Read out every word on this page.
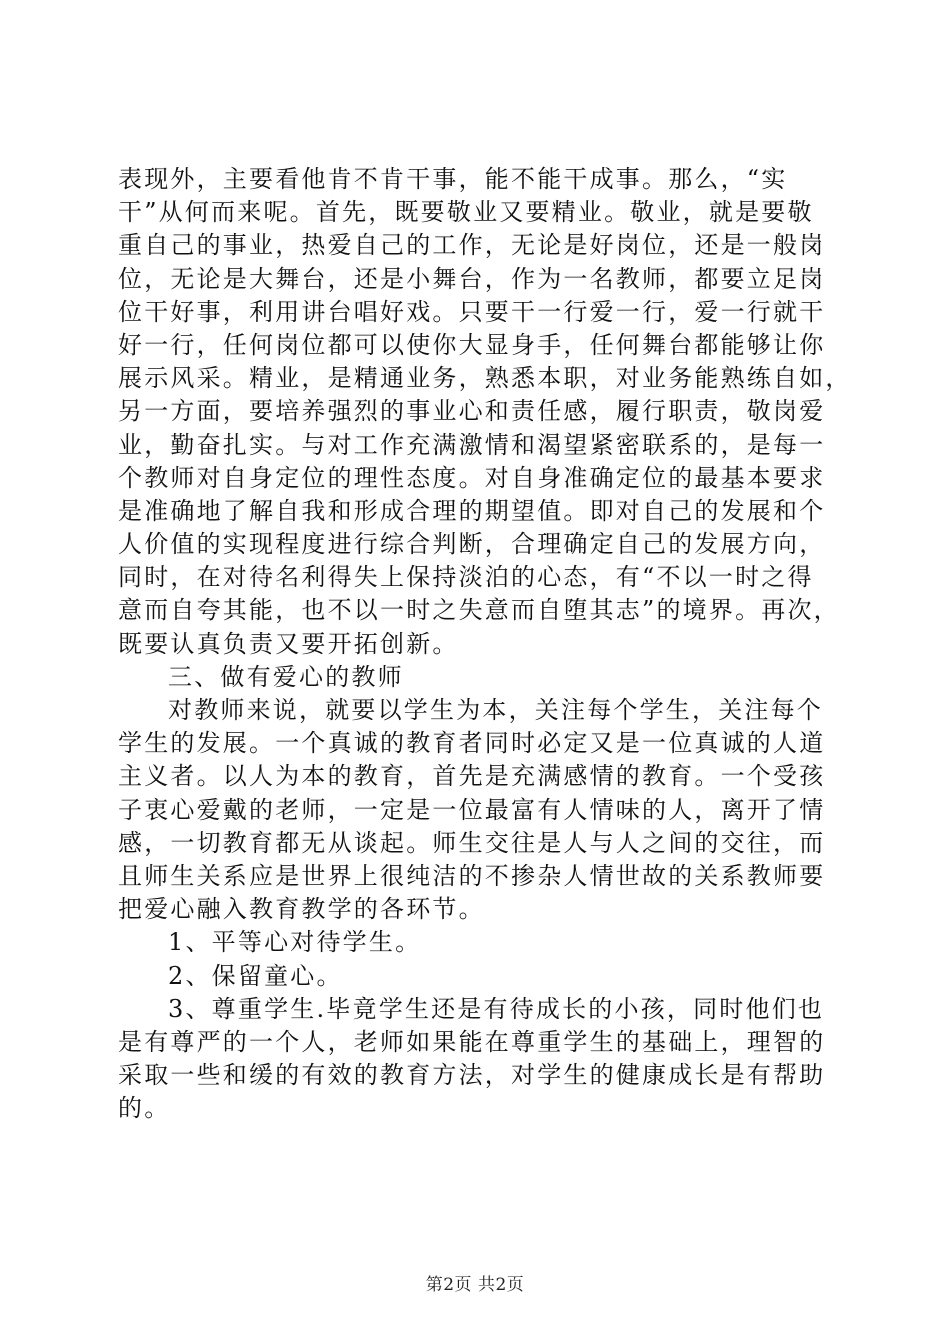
表现外，主要看他肯不肯干事，能不能干成事。那么，“实
干”从何而来呢。首先，既要敬业又要精业。敬业，就是要敬
重自己的事业，热爱自己的工作，无论是好岗位，还是一般岗
位，无论是大舞台，还是小舞台，作为一名教师，都要立足岗
位干好事，利用讲台唱好戏。只要干一行爱一行，爱一行就干
好一行，任何岗位都可以使你大显身手，任何舞台都能够让你
展示风采。精业，是精通业务，熟悉本职，对业务能熟练自如，
另一方面，要培养强烈的事业心和责任感，履行职责，敬岗爱
业，勤奋扎实。与对工作充满激情和渴望紧密联系的，是每一
个教师对自身定位的理性态度。对自身准确定位的最基本要求
是准确地了解自我和形成合理的期望值。即对自己的发展和个
人价值的实现程度进行综合判断，合理确定自己的发展方向，
同时，在对待名利得失上保持淡泊的心态，有“不以一时之得
意而自夸其能，也不以一时之失意而自堕其志”的境界。再次，
既要认真负责又要开拓创新。
三、做有爱心的教师
对教师来说，就要以学生为本，关注每个学生，关注每个
学生的发展。一个真诚的教育者同时必定又是一位真诚的人道
主义者。以人为本的教育，首先是充满感情的教育。一个受孩
子衷心爱戴的老师，一定是一位最富有人情味的人，离开了情
感，一切教育都无从谈起。师生交往是人与人之间的交往，而
且师生关系应是世界上很纯洁的不掺杂人情世故的关系教师要
把爱心融入教育教学的各环节。
1、平等心对待学生。
2、保留童心。
3、尊重学生.毕竟学生还是有待成长的小孩，同时他们也
是有尊严的一个人，老师如果能在尊重学生的基础上，理智的
采取一些和缓的有效的教育方法，对学生的健康成长是有帮助
的。
第2页 共2页
